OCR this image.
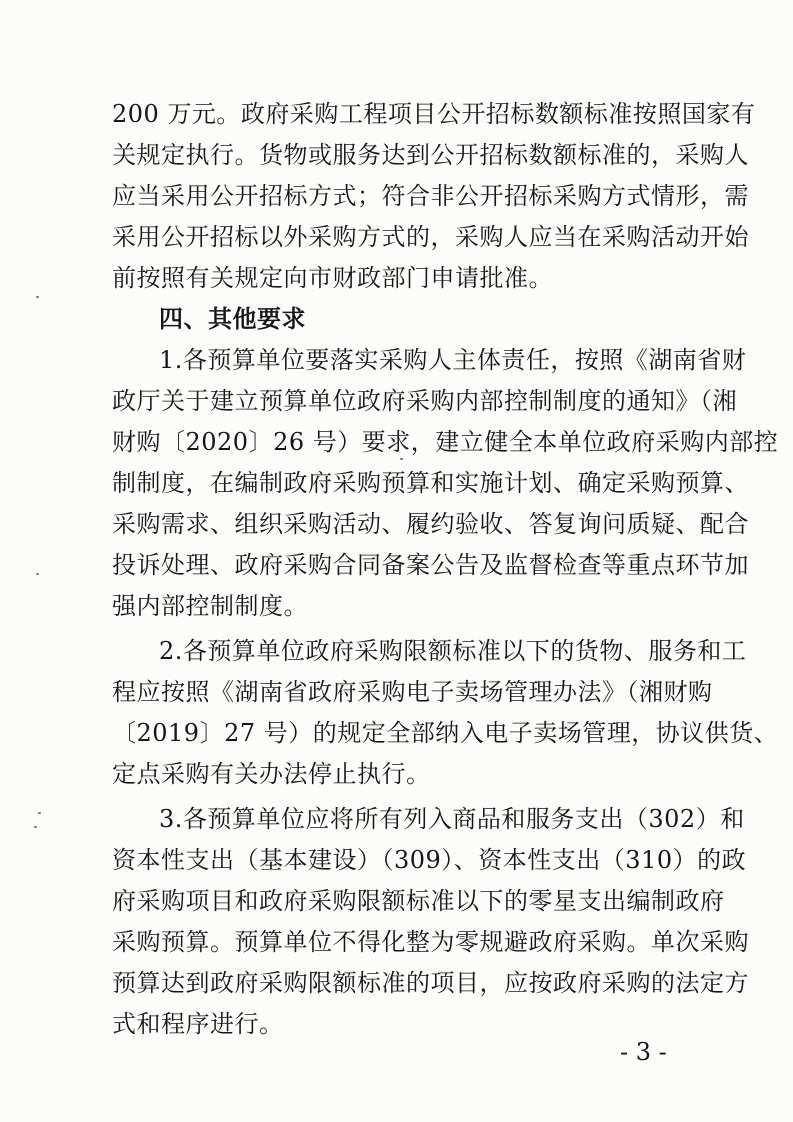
200 万元。政府采购工程项目公开招标数额标准按照国家有
关规定执行。货物或服务达到公开招标数额标准的，采购人
应当采用公开招标方式；符合非公开招标采购方式情形，需
采用公开招标以外采购方式的，采购人应当在采购活动开始
前按照有关规定向市财政部门申请批准。
四、其他要求
1.各预算单位要落实采购人主体责任，按照《湖南省财
政厅关于建立预算单位政府采购内部控制制度的通知》（湘
财购〔2020〕26 号）要求，建立健全本单位政府采购内部控
制制度，在编制政府采购预算和实施计划、确定采购预算、
采购需求、组织采购活动、履约验收、答复询问质疑、配合
投诉处理、政府采购合同备案公告及监督检查等重点环节加
强内部控制制度。
2.各预算单位政府采购限额标准以下的货物、服务和工
程应按照《湖南省政府采购电子卖场管理办法》（湘财购
〔2019〕27 号）的规定全部纳入电子卖场管理，协议供货、
定点采购有关办法停止执行。
3.各预算单位应将所有列入商品和服务支出（302）和
资本性支出（基本建设）（309）、资本性支出（310）的政
府采购项目和政府采购限额标准以下的零星支出编制政府
采购预算。预算单位不得化整为零规避政府采购。单次采购
预算达到政府采购限额标准的项目，应按政府采购的法定方
式和程序进行。
- 3 -
